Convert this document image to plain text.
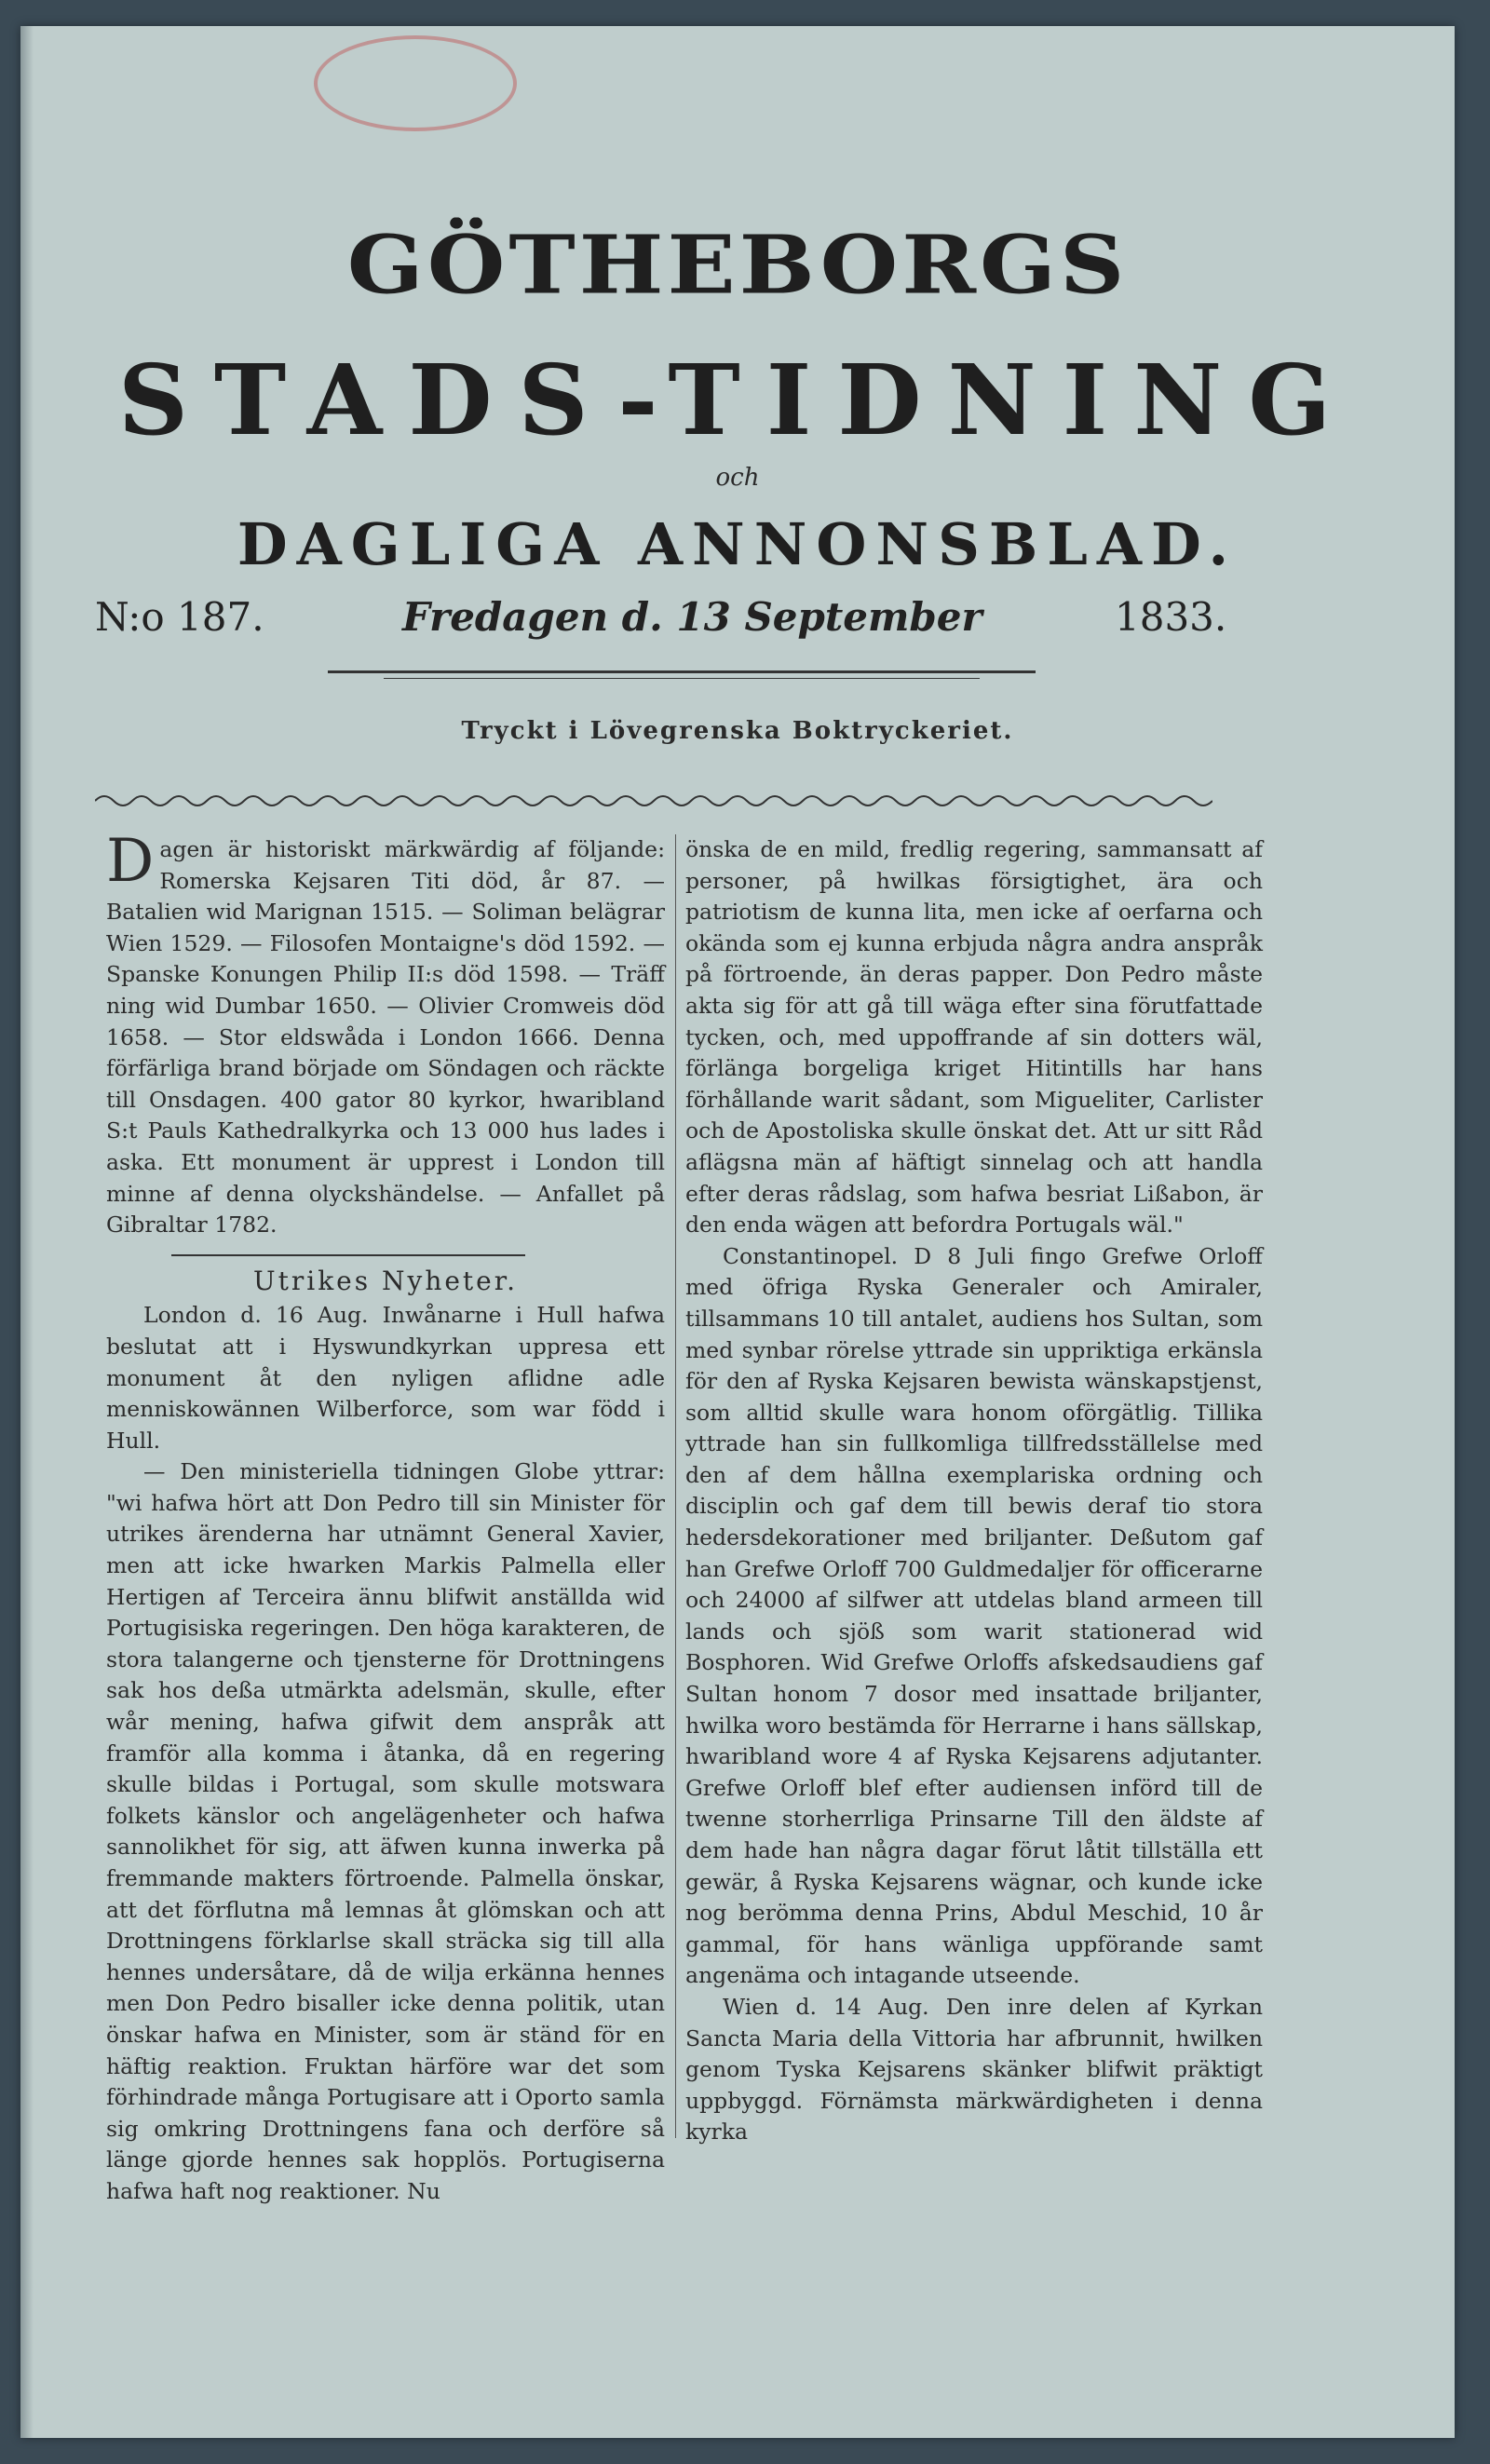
GÖTHEBORGS
STADS-TIDNING
och
DAGLIGA ANNONSBLAD.
N:o 187.	Fredagen d. 13 September	1833.
Tryckt i Lövegrenska Boktryckeriet.

Dagen är historiskt märkwärdig af följande: Romerska Kejsaren Titi död, år 87. — Batalien wid Marignan 1515. — Soliman belägrar Wien 1529. — Filosofen Montaigne's död 1592. — Spanske Konungen Philip II:s död 1598. — Träff ning wid Dumbar 1650. — Olivier Cromweis död 1658. — Stor eldswåda i London 1666. Denna förfärliga brand började om Söndagen och räckte till Onsdagen. 400 gator 80 kyrkor, hwaribland S:t Pauls Kathedralkyrka och 13 000 hus lades i aska. Ett monument är upprest i London till minne af denna olyckshändelse. — Anfallet på Gibraltar 1782.

Utrikes Nyheter.

London d. 16 Aug. Inwånarne i Hull hafwa beslutat att i Hyswundkyrkan uppresa ett monument åt den nyligen aflidne adle menniskowännen Wilberforce, som war född i Hull.

— Den ministeriella tidningen Globe yttrar: "wi hafwa hört att Don Pedro till sin Minister för utrikes ärenderna har utnämnt General Xavier, men att icke hwarken Markis Palmella eller Hertigen af Terceira ännu blifwit anställda wid Portugisiska regeringen. Den höga karakteren, de stora talangerne och tjensterne för Drottningens sak hos deßa utmärkta adelsmän, skulle, efter wår mening, hafwa gifwit dem anspråk att framför alla komma i åtanka, då en regering skulle bildas i Portugal, som skulle motswara folkets känslor och angelägenheter och hafwa sannolikhet för sig, att äfwen kunna inwerka på fremmande makters förtroende. Palmella önskar, att det förflutna må lemnas åt glömskan och att Drottningens förklarlse skall sträcka sig till alla hennes undersåtare, då de wilja erkänna hennes men Don Pedro bisaller icke denna politik, utan önskar hafwa en Minister, som är ständ för en häftig reaktion. Fruktan härföre war det som förhindrade många Portugisare att i Oporto samla sig omkring Drottningens fana och derföre så länge gjorde hennes sak hopplös. Portugiserna hafwa haft nog reaktioner. Nu

önska de en mild, fredlig regering, sammansatt af personer, på hwilkas försigtighet, ära och patriotism de kunna lita, men icke af oerfarna och okända som ej kunna erbjuda några andra anspråk på förtroende, än deras papper. Don Pedro måste akta sig för att gå till wäga efter sina förutfattade tycken, och, med uppoffrande af sin dotters wäl, förlänga borgeliga kriget Hitintills har hans förhållande warit sådant, som Migueliter, Carlister och de Apostoliska skulle önskat det. Att ur sitt Råd aflägsna män af häftigt sinnelag och att handla efter deras rådslag, som hafwa besriat Lißabon, är den enda wägen att befordra Portugals wäl."

Constantinopel. D 8 Juli fingo Grefwe Orloff med öfriga Ryska Generaler och Amiraler, tillsammans 10 till antalet, audiens hos Sultan, som med synbar rörelse yttrade sin uppriktiga erkänsla för den af Ryska Kejsaren bewista wänskapstjenst, som alltid skulle wara honom oförgätlig. Tillika yttrade han sin fullkomliga tillfredsställelse med den af dem hållna exemplariska ordning och disciplin och gaf dem till bewis deraf tio stora hedersdekorationer med briljanter. Deßutom gaf han Grefwe Orloff 700 Guldmedaljer för officerarne och 24000 af silfwer att utdelas bland armeen till lands och sjöß som warit stationerad wid Bosphoren. Wid Grefwe Orloffs afskedsaudiens gaf Sultan honom 7 dosor med insattade briljanter, hwilka woro bestämda för Herrarne i hans sällskap, hwaribland wore 4 af Ryska Kejsarens adjutanter. Grefwe Orloff blef efter audiensen införd till de twenne storherrliga Prinsarne Till den äldste af dem hade han några dagar förut låtit tillställa ett gewär, å Ryska Kejsarens wägnar, och kunde icke nog berömma denna Prins, Abdul Meschid, 10 år gammal, för hans wänliga uppförande samt angenäma och intagande utseende.

Wien d. 14 Aug. Den inre delen af Kyrkan Sancta Maria della Vittoria har afbrunnit, hwilken genom Tyska Kejsarens skänker blifwit präktigt uppbyggd. Förnämsta märkwärdigheten i denna kyrka
